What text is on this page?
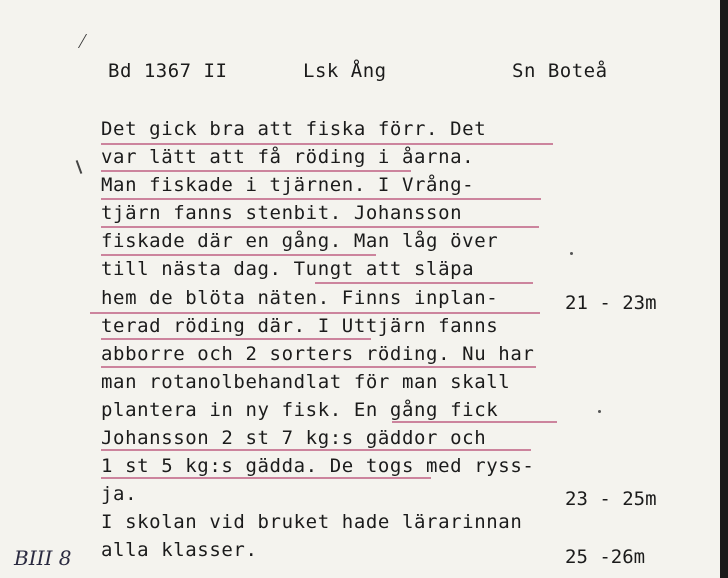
Bd 1367 II	Lsk Ång	Sn Boteå
Det gick bra att fiska förr. Det
var lätt att få röding i åarna.
Man fiskade i tjärnen. I Vrång-
tjärn fanns stenbit. Johansson
fiskade där en gång. Man låg över
till nästa dag. Tungt att släpa
hem de blöta näten. Finns inplan-
terad röding där. I Uttjärn fanns
abborre och 2 sorters röding. Nu har
man rotanolbehandlat för man skall
plantera in ny fisk. En gång fick
Johansson 2 st 7 kg:s gäddor och
1 st 5 kg:s gädda. De togs med ryss-
ja.
I skolan vid bruket hade lärarinnan
alla klasser.
21 - 23m
23 - 25m
25 -26m
BIII 8
